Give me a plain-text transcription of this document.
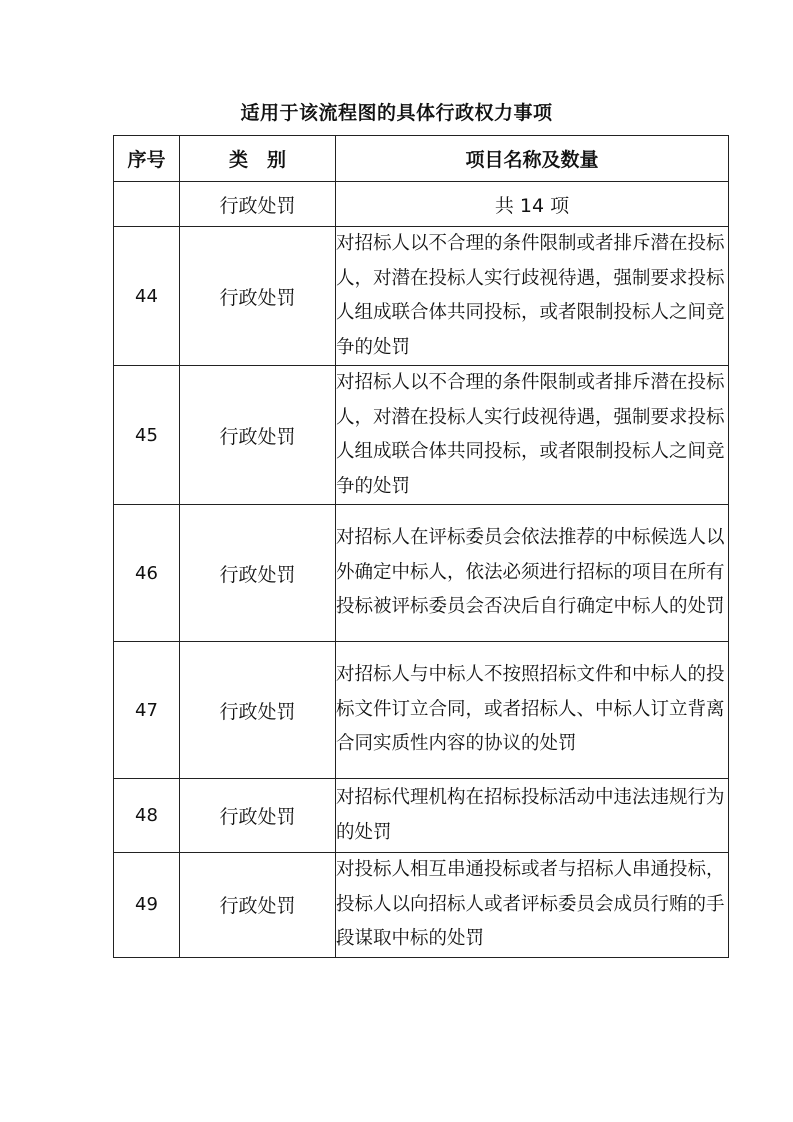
适用于该流程图的具体行政权力事项
序号	类　别	项目名称及数量
	行政处罚	共 14 项
44	行政处罚	对招标人以不合理的条件限制或者排斥潜在投标人，对潜在投标人实行歧视待遇，强制要求投标人组成联合体共同投标，或者限制投标人之间竞争的处罚

45	行政处罚	对招标人以不合理的条件限制或者排斥潜在投标人，对潜在投标人实行歧视待遇，强制要求投标人组成联合体共同投标，或者限制投标人之间竞争的处罚

46	行政处罚	对招标人在评标委员会依法推荐的中标候选人以外确定中标人，依法必须进行招标的项目在所有投标被评标委员会否决后自行确定中标人的处罚

47	行政处罚	对招标人与中标人不按照招标文件和中标人的投标文件订立合同，或者招标人、中标人订立背离合同实质性内容的协议的处罚

48	行政处罚	对招标代理机构在招标投标活动中违法违规行为的处罚

49	行政处罚	对投标人相互串通投标或者与招标人串通投标，投标人以向招标人或者评标委员会成员行贿的手段谋取中标的处罚
